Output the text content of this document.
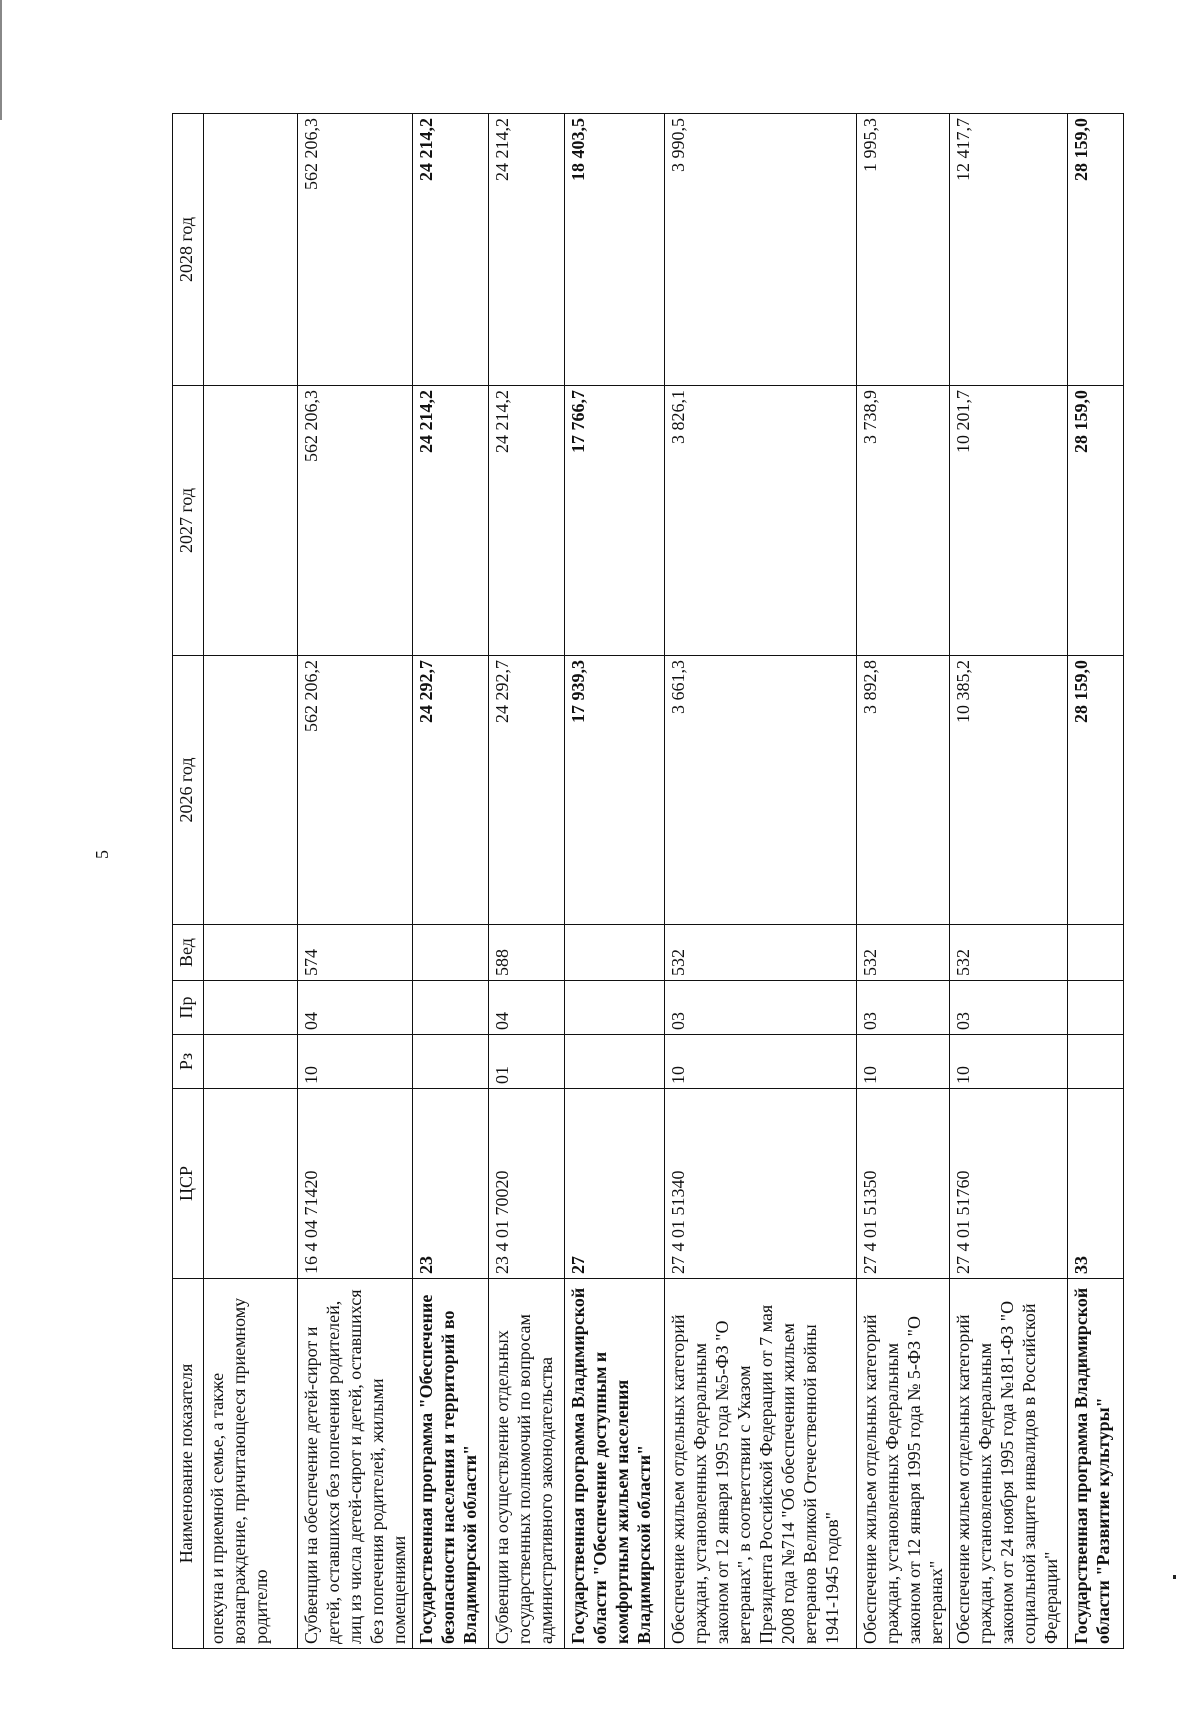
5
Наименование показателя	ЦСР	Рз	Пр	Вед	2026 год	2027 год	2028 год
опекуна и приемной семье, а также вознаграждение, причитающееся приемному родителю							
Субвенции на обеспечение детей-сирот и детей, оставшихся без попечения родителей, лиц из числа детей-сирот и детей, оставшихся без попечения родителей, жилыми помещениями	16 4 04 71420	10	04	574	562 206,2	562 206,3	562 206,3
Государственная программа "Обеспечение безопасности населения и территорий во Владимирской области"	23				24 292,7	24 214,2	24 214,2
Субвенции на осуществление отдельных государственных полномочий по вопросам административного законодательства	23 4 01 70020	01	04	588	24 292,7	24 214,2	24 214,2
Государственная программа Владимирской области "Обеспечение доступным и комфортным жильем населения Владимирской области"	27				17 939,3	17 766,7	18 403,5
Обеспечение жильем отдельных категорий граждан, установленных Федеральным законом от 12 января 1995 года №5-ФЗ "О ветеранах", в соответствии с Указом Президента Российской Федерации от 7 мая 2008 года №714 "Об обеспечении жильем ветеранов Великой Отечественной войны 1941-1945 годов"	27 4 01 51340	10	03	532	3 661,3	3 826,1	3 990,5
Обеспечение жильем отдельных категорий граждан, установленных Федеральным законом от 12 января 1995 года № 5-ФЗ "О ветеранах"	27 4 01 51350	10	03	532	3 892,8	3 738,9	1 995,3
Обеспечение жильем отдельных категорий граждан, установленных Федеральным законом от 24 ноября 1995 года №181-ФЗ "О социальной защите инвалидов в Российской Федерации"	27 4 01 51760	10	03	532	10 385,2	10 201,7	12 417,7
Государственная программа Владимирской области "Развитие культуры"	33				28 159,0	28 159,0	28 159,0
